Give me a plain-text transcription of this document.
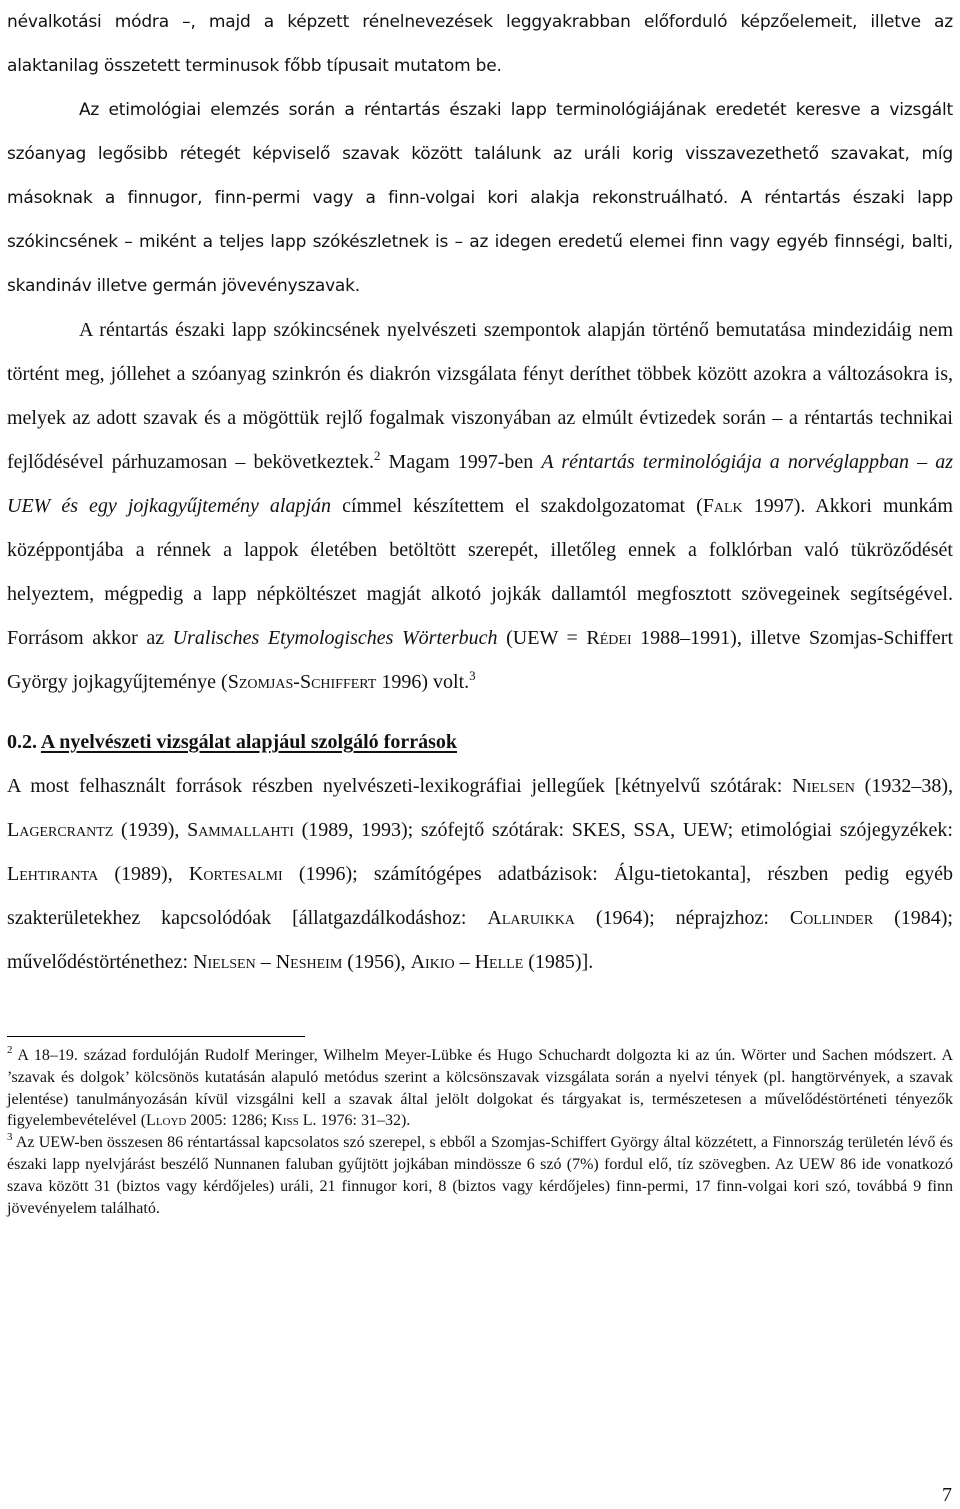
névalkotási módra –, majd a képzett rénelnevezések leggyakrabban előforduló képzőelemeit, illetve az alaktanilag összetett terminusok főbb típusait mutatom be.

Az etimológiai elemzés során a réntartás északi lapp terminológiájának eredetét keresve a vizsgált szóanyag legősibb rétegét képviselő szavak között találunk az uráli korig visszavezethető szavakat, míg másoknak a finnugor, finn-permi vagy a finn-volgai kori alakja rekonstruálható. A réntartás északi lapp szókincsének – miként a teljes lapp szókészletnek is – az idegen eredetű elemei finn vagy egyéb finnségi, balti, skandináv illetve germán jövevényszavak.

A réntartás északi lapp szókincsének nyelvészeti szempontok alapján történő bemutatása mindezidáig nem történt meg, jóllehet a szóanyag szinkrón és diakrón vizsgálata fényt deríthet többek között azokra a változásokra is, melyek az adott szavak és a mögöttük rejlő fogalmak viszonyában az elmúlt évtizedek során – a réntartás technikai fejlődésével párhuzamosan – bekövetkeztek.$^2$ Magam 1997-ben A réntartás terminológiája a norvéglappban – az UEW és egy jojkagyűjtemény alapján címmel készítettem el szakdolgozatomat (Falk 1997). Akkori munkám középpontjába a rénnek a lappok életében betöltött szerepét, illetőleg ennek a folklórban való tükröződését helyeztem, mégpedig a lapp népköltészet magját alkotó jojkák dallamtól megfosztott szövegeinek segítségével. Forrásom akkor az Uralisches Etymologisches Wörterbuch (UEW = Rédei 1988–1991), illetve Szomjas-Schiffert György jojkagyűjteménye (Szomjas-Schiffert 1996) volt.$^3$

0.2. A nyelvészeti vizsgálat alapjául szolgáló források

A most felhasznált források részben nyelvészeti-lexikográfiai jellegűek [kétnyelvű szótárak: Nielsen (1932–38), Lagercrantz (1939), Sammallahti (1989, 1993); szófejtő szótárak: SKES, SSA, UEW; etimológiai szójegyzékek: Lehtiranta (1989), Kortesalmi (1996); számítógépes adatbázisok: Álgu-tietokanta], részben pedig egyéb szakterületekhez kapcsolódóak [állatgazdálkodáshoz: Alaruikka (1964); néprajzhoz: Collinder (1984); művelődéstörténethez: Nielsen – Nesheim (1956), Aikio – Helle (1985)].

$^2$ A 18–19. század fordulóján Rudolf Meringer, Wilhelm Meyer-Lübke és Hugo Schuchardt dolgozta ki az ún. Wörter und Sachen módszert. A ’szavak és dolgok’ kölcsönös kutatásán alapuló metódus szerint a kölcsönszavak vizsgálata során a nyelvi tények (pl. hangtörvények, a szavak jelentése) tanulmányozásán kívül vizsgálni kell a szavak által jelölt dolgokat és tárgyakat is, természetesen a művelődéstörténeti tényezők figyelembevételével (Lloyd 2005: 1286; Kiss L. 1976: 31–32).

$^3$ Az UEW-ben összesen 86 réntartással kapcsolatos szó szerepel, s ebből a Szomjas-Schiffert György által közzétett, a Finnország területén lévő és északi lapp nyelvjárást beszélő Nunnanen faluban gyűjtött jojkában mindössze 6 szó (7%) fordul elő, tíz szövegben. Az UEW 86 ide vonatkozó szava között 31 (biztos vagy kérdőjeles) uráli, 21 finnugor kori, 8 (biztos vagy kérdőjeles) finn-permi, 17 finn-volgai kori szó, továbbá 9 finn jövevényelem található.

7
